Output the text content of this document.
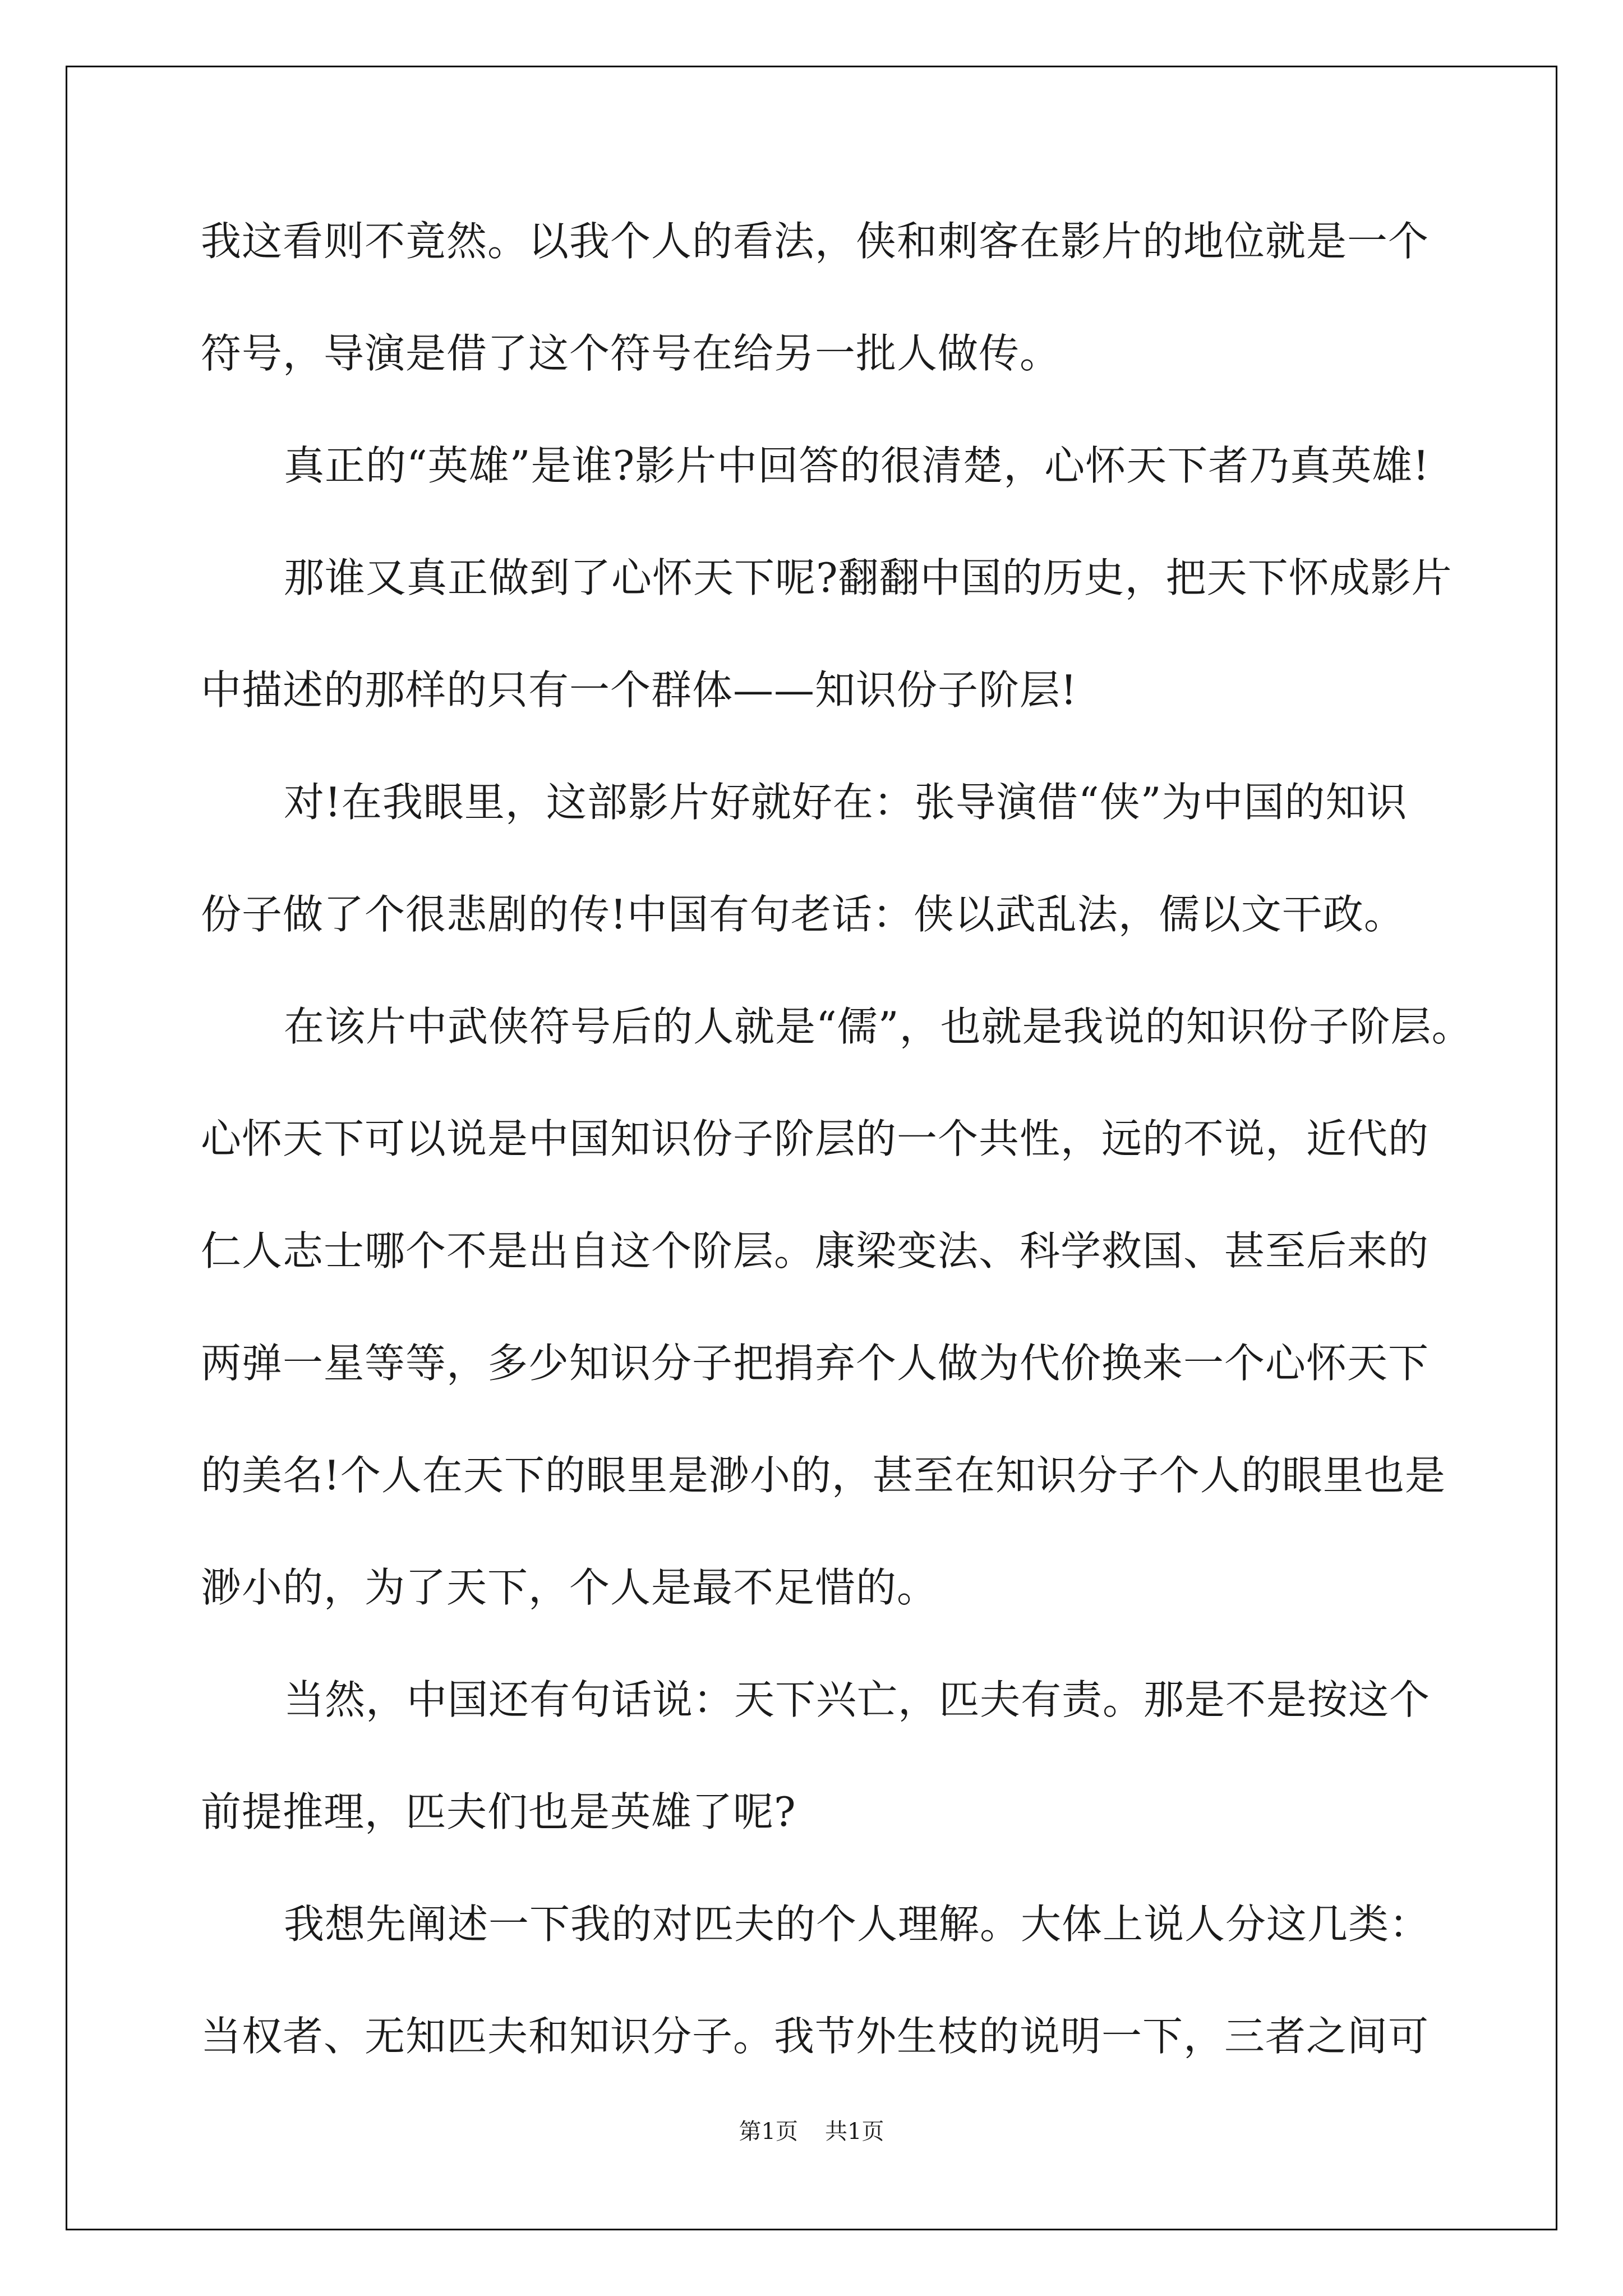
我这看则不竟然。以我个人的看法，侠和刺客在影片的地位就是一个
符号，导演是借了这个符号在给另一批人做传。
真正的“英雄”是谁?影片中回答的很清楚，心怀天下者乃真英雄!
那谁又真正做到了心怀天下呢?翻翻中国的历史，把天下怀成影片
中描述的那样的只有一个群体——知识份子阶层!
对!在我眼里，这部影片好就好在：张导演借“侠”为中国的知识
份子做了个很悲剧的传!中国有句老话：侠以武乱法，儒以文干政。
在该片中武侠符号后的人就是“儒”，也就是我说的知识份子阶层。
心怀天下可以说是中国知识份子阶层的一个共性，远的不说，近代的
仁人志士哪个不是出自这个阶层。康梁变法、科学救国、甚至后来的
两弹一星等等，多少知识分子把捐弃个人做为代价换来一个心怀天下
的美名!个人在天下的眼里是渺小的，甚至在知识分子个人的眼里也是
渺小的，为了天下，个人是最不足惜的。
当然，中国还有句话说：天下兴亡，匹夫有责。那是不是按这个
前提推理，匹夫们也是英雄了呢?
我想先阐述一下我的对匹夫的个人理解。大体上说人分这几类：
当权者、无知匹夫和知识分子。我节外生枝的说明一下，三者之间可
第1页 共1页
